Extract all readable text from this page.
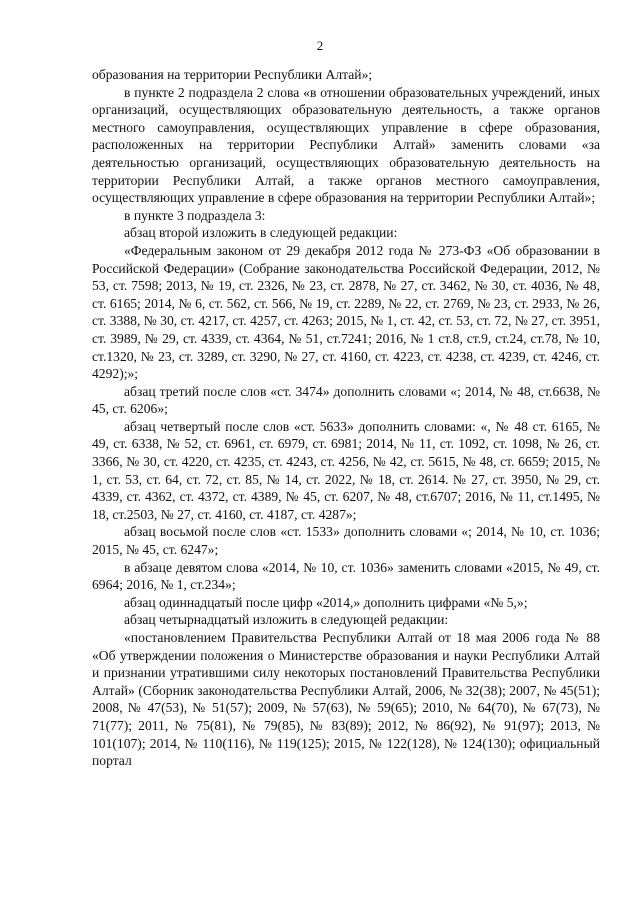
2

образования на территории Республики Алтай»;

в пункте 2 подраздела 2 слова «в отношении образовательных учреждений, иных организаций, осуществляющих образовательную деятельность, а также органов местного самоуправления, осуществляющих управление в сфере образования, расположенных на территории Республики Алтай» заменить словами «за деятельностью организаций, осуществляющих образовательную деятельность на территории Республики Алтай, а также органов местного самоуправления, осуществляющих управление в сфере образования на территории Республики Алтай»;

в пункте 3 подраздела 3:

абзац второй изложить в следующей редакции:

«Федеральным законом от 29 декабря 2012 года № 273-ФЗ «Об образовании в Российской Федерации» (Собрание законодательства Российской Федерации, 2012, № 53, ст. 7598; 2013, № 19, ст. 2326, № 23, ст. 2878, № 27, ст. 3462, № 30, ст. 4036, № 48, ст. 6165; 2014, № 6, ст. 562, ст. 566, № 19, ст. 2289, № 22, ст. 2769, № 23, ст. 2933, № 26, ст. 3388, № 30, ст. 4217, ст. 4257, ст. 4263; 2015, № 1, ст. 42, ст. 53, ст. 72, № 27, ст. 3951, ст. 3989, № 29, ст. 4339, ст. 4364, № 51, ст.7241; 2016, № 1 ст.8, ст.9, ст.24, ст.78, № 10, ст.1320, № 23, ст. 3289, ст. 3290, № 27, ст. 4160, ст. 4223, ст. 4238, ст. 4239, ст. 4246, ст. 4292);»;

абзац третий после слов «ст. 3474» дополнить словами «; 2014, № 48, ст.6638, № 45, ст. 6206»;

абзац четвертый после слов «ст. 5633» дополнить словами: «, № 48 ст. 6165, № 49, ст. 6338, № 52, ст. 6961, ст. 6979, ст. 6981; 2014, № 11, ст. 1092, ст. 1098, № 26, ст. 3366, № 30, ст. 4220, ст. 4235, ст. 4243, ст. 4256, № 42, ст. 5615, № 48, ст. 6659; 2015, № 1, ст. 53, ст. 64, ст. 72, ст. 85, № 14, ст. 2022, № 18, ст. 2614. № 27, ст. 3950, № 29, ст. 4339, ст. 4362, ст. 4372, ст. 4389, № 45, ст. 6207, № 48, ст.6707; 2016, № 11, ст.1495, № 18, ст.2503, № 27, ст. 4160, ст. 4187, ст. 4287»;

абзац восьмой после слов «ст. 1533» дополнить словами «; 2014, № 10, ст. 1036; 2015, № 45, ст. 6247»;

в абзаце девятом слова «2014, № 10, ст. 1036» заменить словами «2015, № 49, ст. 6964; 2016, № 1, ст.234»;

абзац одиннадцатый после цифр «2014,» дополнить цифрами «№ 5,»;

абзац четырнадцатый изложить в следующей редакции:

«постановлением Правительства Республики Алтай от 18 мая 2006 года № 88 «Об утверждении положения о Министерстве образования и науки Республики Алтай и признании утратившими силу некоторых постановлений Правительства Республики Алтай» (Сборник законодательства Республики Алтай, 2006, № 32(38); 2007, № 45(51); 2008, № 47(53), № 51(57); 2009, № 57(63), № 59(65); 2010, № 64(70), № 67(73), № 71(77); 2011, № 75(81), № 79(85), № 83(89); 2012, № 86(92), № 91(97); 2013, № 101(107); 2014, № 110(116), № 119(125); 2015, № 122(128), № 124(130); официальный портал
